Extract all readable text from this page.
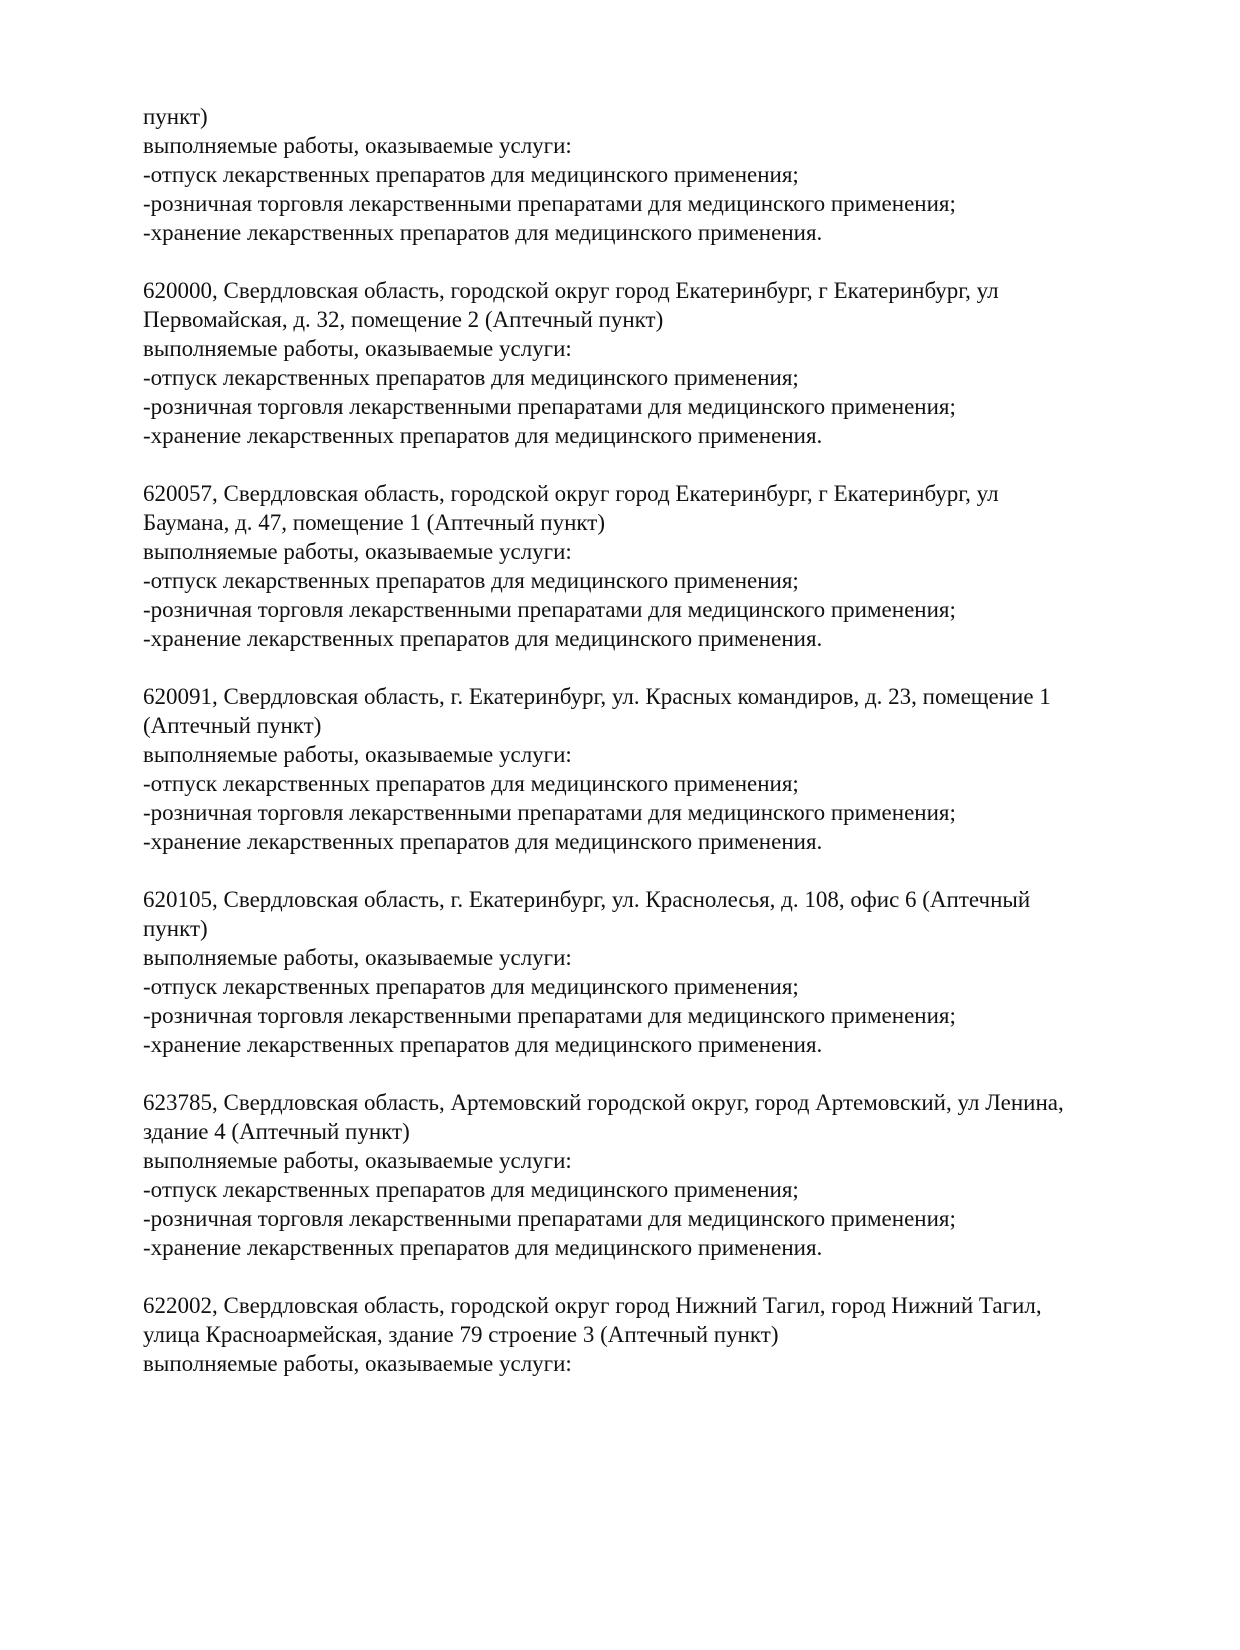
пункт)
выполняемые работы, оказываемые услуги:
-отпуск лекарственных препаратов для медицинского применения;
-розничная торговля лекарственными препаратами для медицинского применения;
-хранение лекарственных препаратов для медицинского применения.
620000, Свердловская область, городской округ город Екатеринбург, г Екатеринбург, ул
Первомайская, д. 32, помещение 2 (Аптечный пункт)
выполняемые работы, оказываемые услуги:
-отпуск лекарственных препаратов для медицинского применения;
-розничная торговля лекарственными препаратами для медицинского применения;
-хранение лекарственных препаратов для медицинского применения.
620057, Свердловская область, городской округ город Екатеринбург, г Екатеринбург, ул
Баумана, д. 47, помещение 1 (Аптечный пункт)
выполняемые работы, оказываемые услуги:
-отпуск лекарственных препаратов для медицинского применения;
-розничная торговля лекарственными препаратами для медицинского применения;
-хранение лекарственных препаратов для медицинского применения.
620091, Свердловская область, г. Екатеринбург, ул. Красных командиров, д. 23, помещение 1
(Аптечный пункт)
выполняемые работы, оказываемые услуги:
-отпуск лекарственных препаратов для медицинского применения;
-розничная торговля лекарственными препаратами для медицинского применения;
-хранение лекарственных препаратов для медицинского применения.
620105, Свердловская область, г. Екатеринбург, ул. Краснолесья, д. 108, офис 6 (Аптечный
пункт)
выполняемые работы, оказываемые услуги:
-отпуск лекарственных препаратов для медицинского применения;
-розничная торговля лекарственными препаратами для медицинского применения;
-хранение лекарственных препаратов для медицинского применения.
623785, Свердловская область, Артемовский городской округ, город Артемовский, ул Ленина,
здание 4 (Аптечный пункт)
выполняемые работы, оказываемые услуги:
-отпуск лекарственных препаратов для медицинского применения;
-розничная торговля лекарственными препаратами для медицинского применения;
-хранение лекарственных препаратов для медицинского применения.
622002, Свердловская область, городской округ город Нижний Тагил, город Нижний Тагил,
улица Красноармейская, здание 79 строение 3 (Аптечный пункт)
выполняемые работы, оказываемые услуги:
